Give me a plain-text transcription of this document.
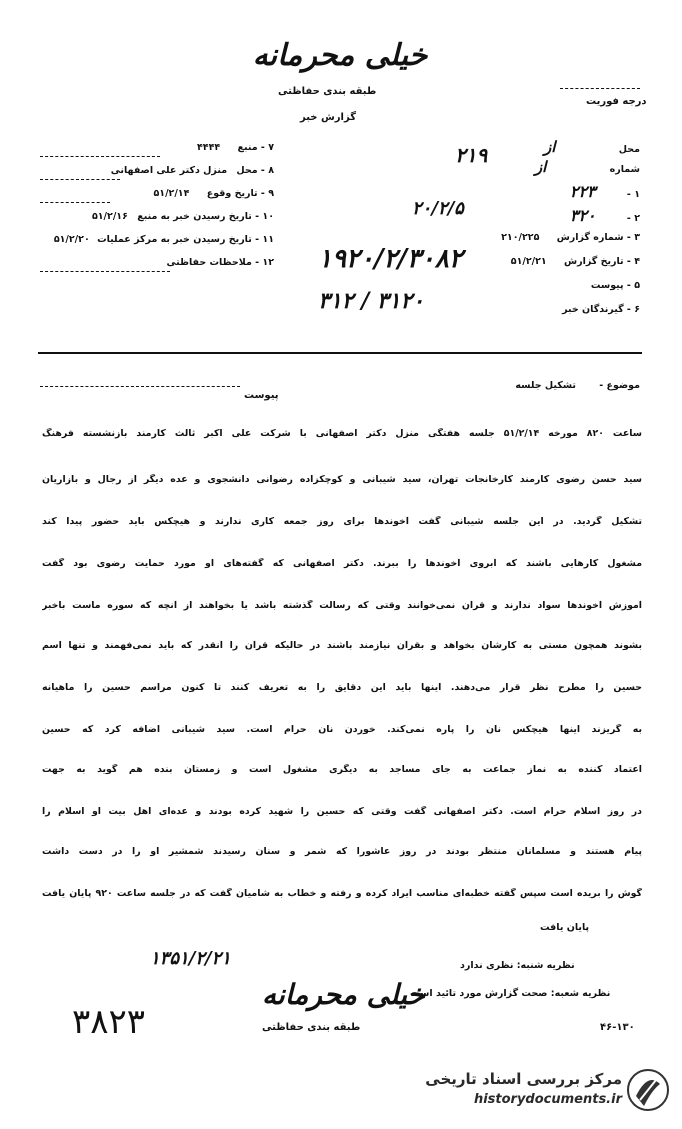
خیلی محرمانه
طبقه بندی حفاظتی
گزارش خبر
درجه فوریت
محل از
شماره از
۱ - ۲۲۳
۲ - ۳۲۰
۳ - شماره گزارش ۲۱۰/۲۲۵
۴ - تاریخ گزارش ۵۱/۲/۲۱
۵ - پیوست
۶ - گیرندگان خبر
۲۱۹
۲۰/۲/۵
۱۹۲۰/۲/۳۰۸۲
۳۱۲ / ۳۱۲۰
۷ - منبع ۴۴۴۴
۸ - محل منزل دکتر علی اصفهانی
۹ - تاریخ وقوع ۵۱/۲/۱۴
۱۰ - تاریخ رسیدن خبر به منبع ۵۱/۲/۱۶
۱۱ - تاریخ رسیدن خبر به مرکز عملیات ۵۱/۲/۲۰
۱۲ - ملاحظات حفاظتی
موضوع - تشکیل جلسه
پیوست
ساعت ۸۲۰ مورخه ۵۱/۲/۱۴ جلسه هفتگی منزل دکتر اصفهانی با شرکت علی اکبر ثالث کارمند بازنشسته فرهنگ
سید حسن رضوی کارمند کارخانجات تهران، سید شیبانی و کوچکزاده رضوانی دانشجوی و عده دیگر از رجال و بازاریان
تشکیل گردید. در این جلسه شیبانی گفت آخوندها برای روز جمعه کاری ندارند و هیچکس باید حضور پیدا کند
مشغول کارهایی باشند که آبروی آخوندها را ببرند. دکتر اصفهانی که گفته‌های او مورد حمایت رضوی بود گفت
آموزش آخوندها سواد ندارند و قرآن نمی‌خوانند وقتی که رسالت گذشته باشد یا بخواهند از آنچه که سوره ماست باخبر
بشوند همچون مستی به کارشان بخواهد و بقرآن نیازمند باشند در حالیکه قرآن را آنقدر که باید نمی‌فهمند و تنها اسم
حسین را مطرح نظر قرار می‌دهند. اینها باید این دقایق را به تعریف کنند تا کنون مراسم حسین را ماهیانه
به گریزند اینها هیچکس نان را پاره نمی‌کند. خوردن نان حرام است. سید شیبانی اضافه کرد که حسین
اعتماد کننده به نماز جماعت به جای مساجد به دیگری مشغول است و زمستان بنده هم گوید به جهت
در روز اسلام حرام است. دکتر اصفهانی گفت وقتی که حسین را شهید کرده بودند و عده‌ای اهل بیت او اسلام را
پیام هستند و مسلمانان منتظر بودند در روز عاشورا که شمر و سنان رسیدند شمشیر او را در دست داشت
گوش را بریده است سپس گفته خطبه‌ای مناسب ایراد کرده و رفته و خطاب به شامیان گفت که در جلسه ساعت ۹۲۰ پایان یافت
پایان یافت
نظریه شنبه: نظری ندارد
نظریه شعبه: صحت گزارش مورد تائید است
۱۳۵۱/۲/۲۱
خیلی محرمانه
طبقه بندی حفاظتی
۳۸۲۳	۴۶-۱۳۰
مرکز بررسی اسناد تاریخی
historydocuments.ir
